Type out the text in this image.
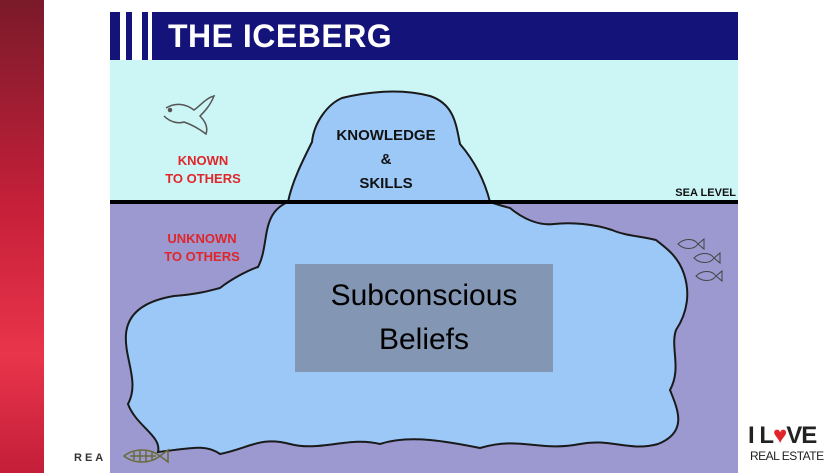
THE ICEBERG
KNOWN
TO OTHERS
UNKNOWN
TO OTHERS
KNOWLEDGE
&
SKILLS
SEA LEVEL
Subconscious
Beliefs
REA
I L♥VE
REAL ESTATE
